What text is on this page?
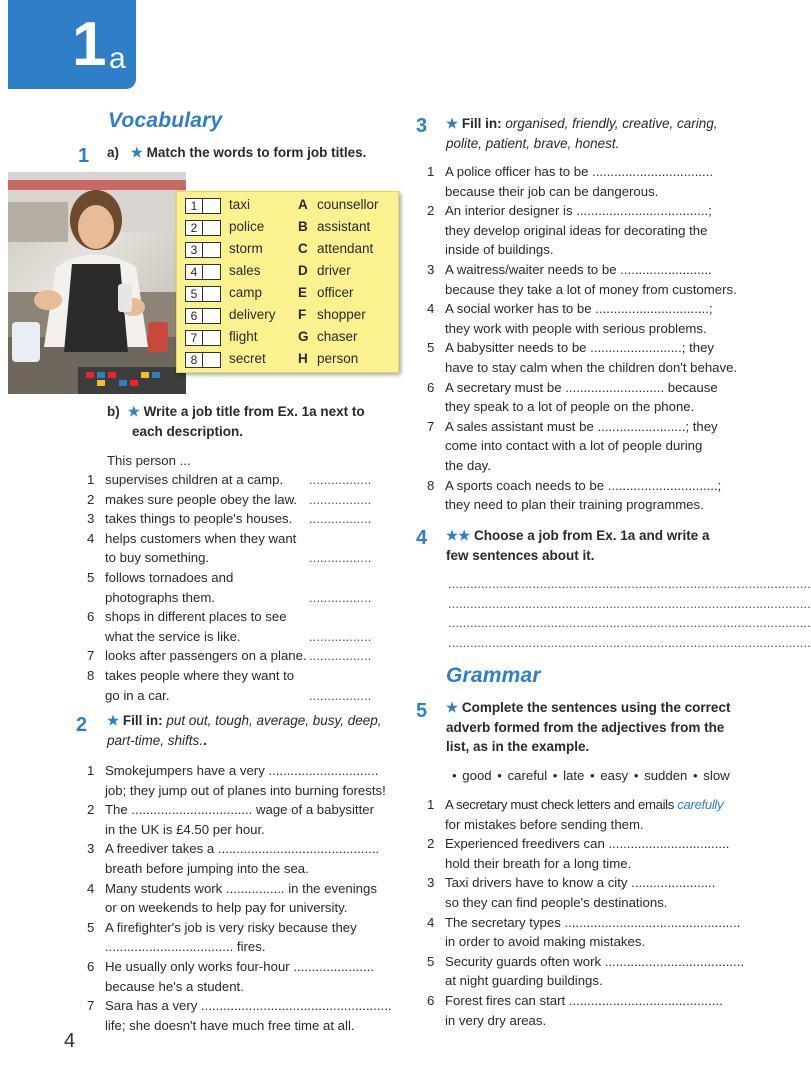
1 a
Vocabulary
1 a) ★ Match the words to form job titles.
1	taxi	A counsellor
2	police B assistant
3	storm	C attendant
4	sales	D driver
5	camp	E officer
6	delivery F shopper
7	flight	G chaser
8	secret H person
b) ★ Write a job title from Ex. 1a next to
each description.
This person ...
1 supervises children at a camp. .................
2 makes sure people obey the law. .................
3 takes things to people's houses. .................
4 helps customers when they want
to buy something.	.................
5 follows tornadoes and
photographs them.	.................
6 shops in different places to see
what the service is like.	.................
7 looks after passengers on a plane. .................
8 takes people where they want to
go in a car.	.................
2 ★ Fill in: put out, tough, average, busy, deep,
part-time, shifts..
1 Smokejumpers have a very ..............................
job; they jump out of planes into burning forests!
2 The ................................. wage of a babysitter
in the UK is £4.50 per hour.
3 A freediver takes a ............................................
breath before jumping into the sea.
4 Many students work ................ in the evenings
or on weekends to help pay for university.
5 A firefighter's job is very risky because they
................................... fires.
6 He usually only works four-hour ......................
because he's a student.
7 Sara has a very ....................................................
life; she doesn't have much free time at all.
4
3 ★ Fill in: organised, friendly, creative, caring,
polite, patient, brave, honest.
1 A police officer has to be .................................
because their job can be dangerous.
2 An interior designer is ....................................;
they develop original ideas for decorating the
inside of buildings.
3 A waitress/waiter needs to be .........................
because they take a lot of money from customers.
4 A social worker has to be ...............................;
they work with people with serious problems.
5 A babysitter needs to be .........................; they
have to stay calm when the children don't behave.
6 A secretary must be ........................... because
they speak to a lot of people on the phone.
7 A sales assistant must be ........................; they
come into contact with a lot of people during
the day.
8 A sports coach needs to be ..............................;
they need to plan their training programmes.
4 ★★ Choose a job from Ex. 1a and write a
few sentences about it.
...................................................................................................
...................................................................................................
...................................................................................................
...................................................................................................
Grammar
5 ★ Complete the sentences using the correct
adverb formed from the adjectives from the
list, as in the example.
• good • careful • late • easy • sudden • slow
1 A secretary must check letters and emails carefully
for mistakes before sending them.
2 Experienced freedivers can .................................
hold their breath for a long time.
3 Taxi drivers have to know a city .......................
so they can find people's destinations.
4 The secretary types ................................................
in order to avoid making mistakes.
5 Security guards often work ......................................
at night guarding buildings.
6 Forest fires can start ..........................................
in very dry areas.
